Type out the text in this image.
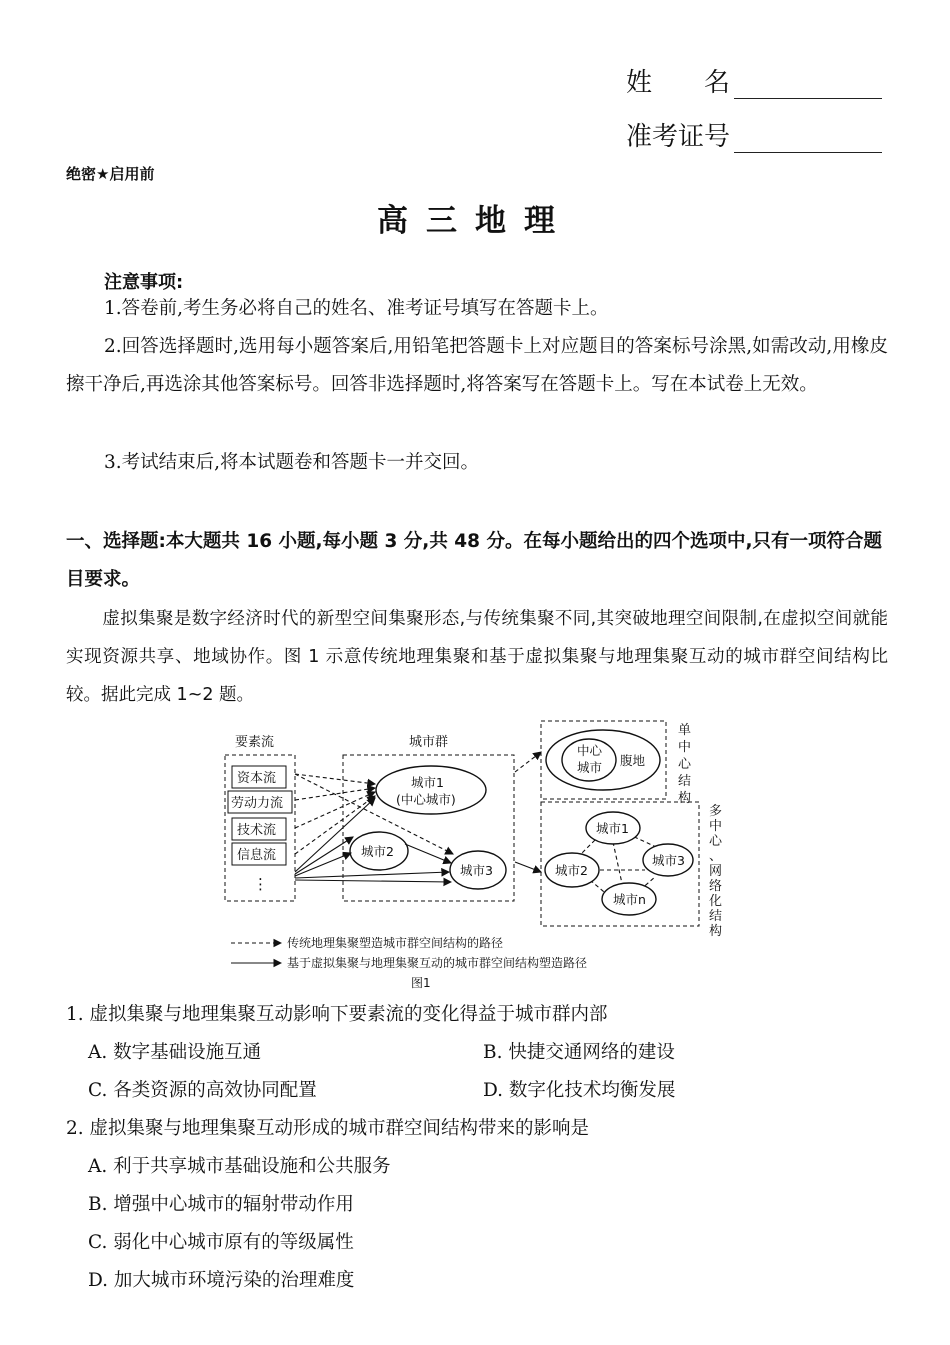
姓　　名
准考证号
绝密★启用前
高三地理
注意事项:
1.答卷前,考生务必将自己的姓名、准考证号填写在答题卡上。
2.回答选择题时,选用每小题答案后,用铅笔把答题卡上对应题目的答案标号涂黑,如需改动,用橡皮擦干净后,再选涂其他答案标号。回答非选择题时,将答案写在答题卡上。写在本试卷上无效。
3.考试结束后,将本试题卷和答题卡一并交回。
一、选择题:本大题共 16 小题,每小题 3 分,共 48 分。在每小题给出的四个选项中,只有一项符合题目要求。
虚拟集聚是数字经济时代的新型空间集聚形态,与传统集聚不同,其突破地理空间限制,在虚拟空间就能实现资源共享、地域协作。图 1 示意传统地理集聚和基于虚拟集聚与地理集聚互动的城市群空间结构比较。据此完成 1~2 题。
要素流
资本流
劳动力流
技术流
信息流
⋮
城市群
城市1
(中心城市)
城市2
城市3
中心
城市 腹地
单
中
心
结
构
城市1
城市2
城市3
城市n
多
中
心
、
网
络
化
结
构
传统地理集聚塑造城市群空间结构的路径
基于虚拟集聚与地理集聚互动的城市群空间结构塑造路径
图1
1. 虚拟集聚与地理集聚互动影响下要素流的变化得益于城市群内部
A. 数字基础设施互通	B. 快捷交通网络的建设
C. 各类资源的高效协同配置	D. 数字化技术均衡发展
2. 虚拟集聚与地理集聚互动形成的城市群空间结构带来的影响是
A. 利于共享城市基础设施和公共服务
B. 增强中心城市的辐射带动作用
C. 弱化中心城市原有的等级属性
D. 加大城市环境污染的治理难度
